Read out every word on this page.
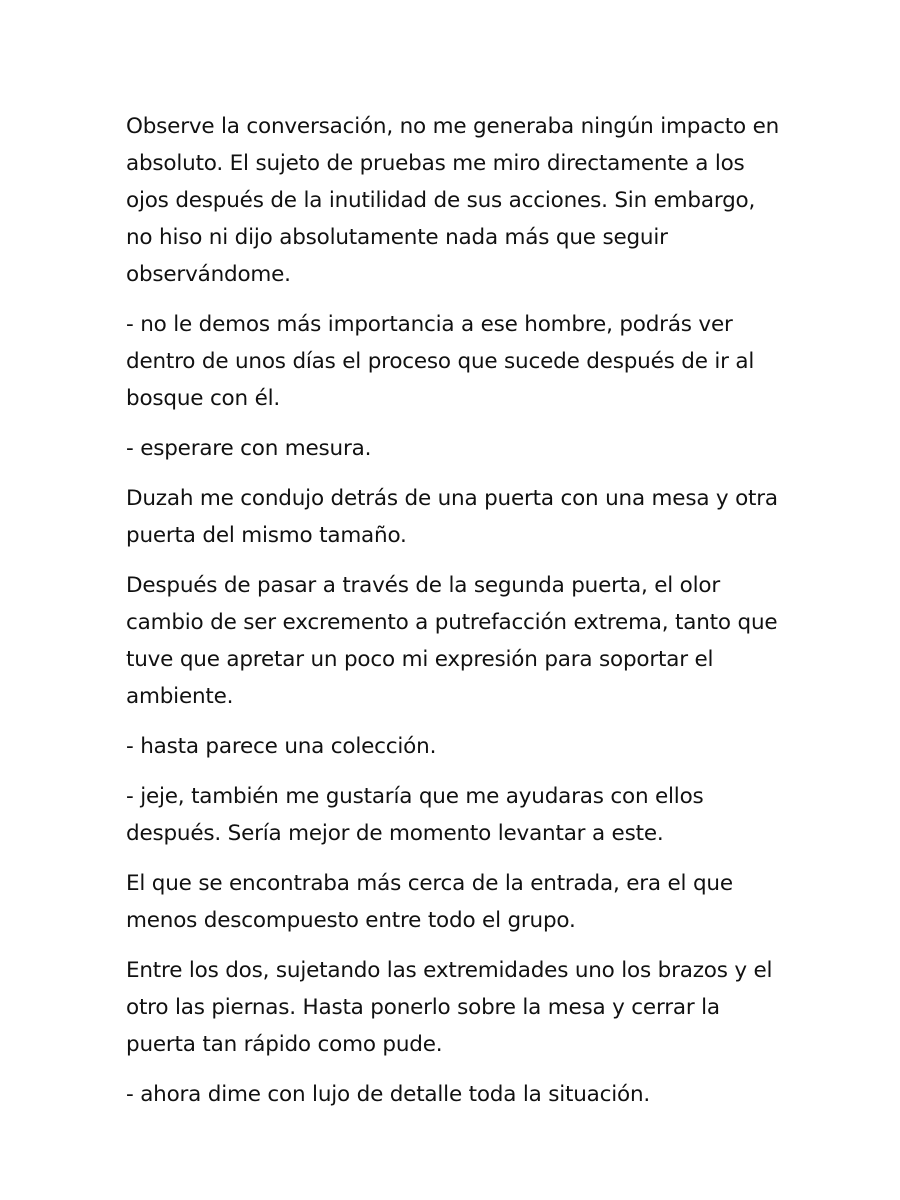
Observe la conversación, no me generaba ningún impacto en absoluto. El sujeto de pruebas me miro directamente a los ojos después de la inutilidad de sus acciones. Sin embargo, no hiso ni dijo absolutamente nada más que seguir observándome.

- no le demos más importancia a ese hombre, podrás ver dentro de unos días el proceso que sucede después de ir al bosque con él.

- esperare con mesura.

Duzah me condujo detrás de una puerta con una mesa y otra puerta del mismo tamaño.

Después de pasar a través de la segunda puerta, el olor cambio de ser excremento a putrefacción extrema, tanto que tuve que apretar un poco mi expresión para soportar el ambiente.

- hasta parece una colección.

- jeje, también me gustaría que me ayudaras con ellos después. Sería mejor de momento levantar a este.

El que se encontraba más cerca de la entrada, era el que menos descompuesto entre todo el grupo.

Entre los dos, sujetando las extremidades uno los brazos y el otro las piernas. Hasta ponerlo sobre la mesa y cerrar la puerta tan rápido como pude.

- ahora dime con lujo de detalle toda la situación.
